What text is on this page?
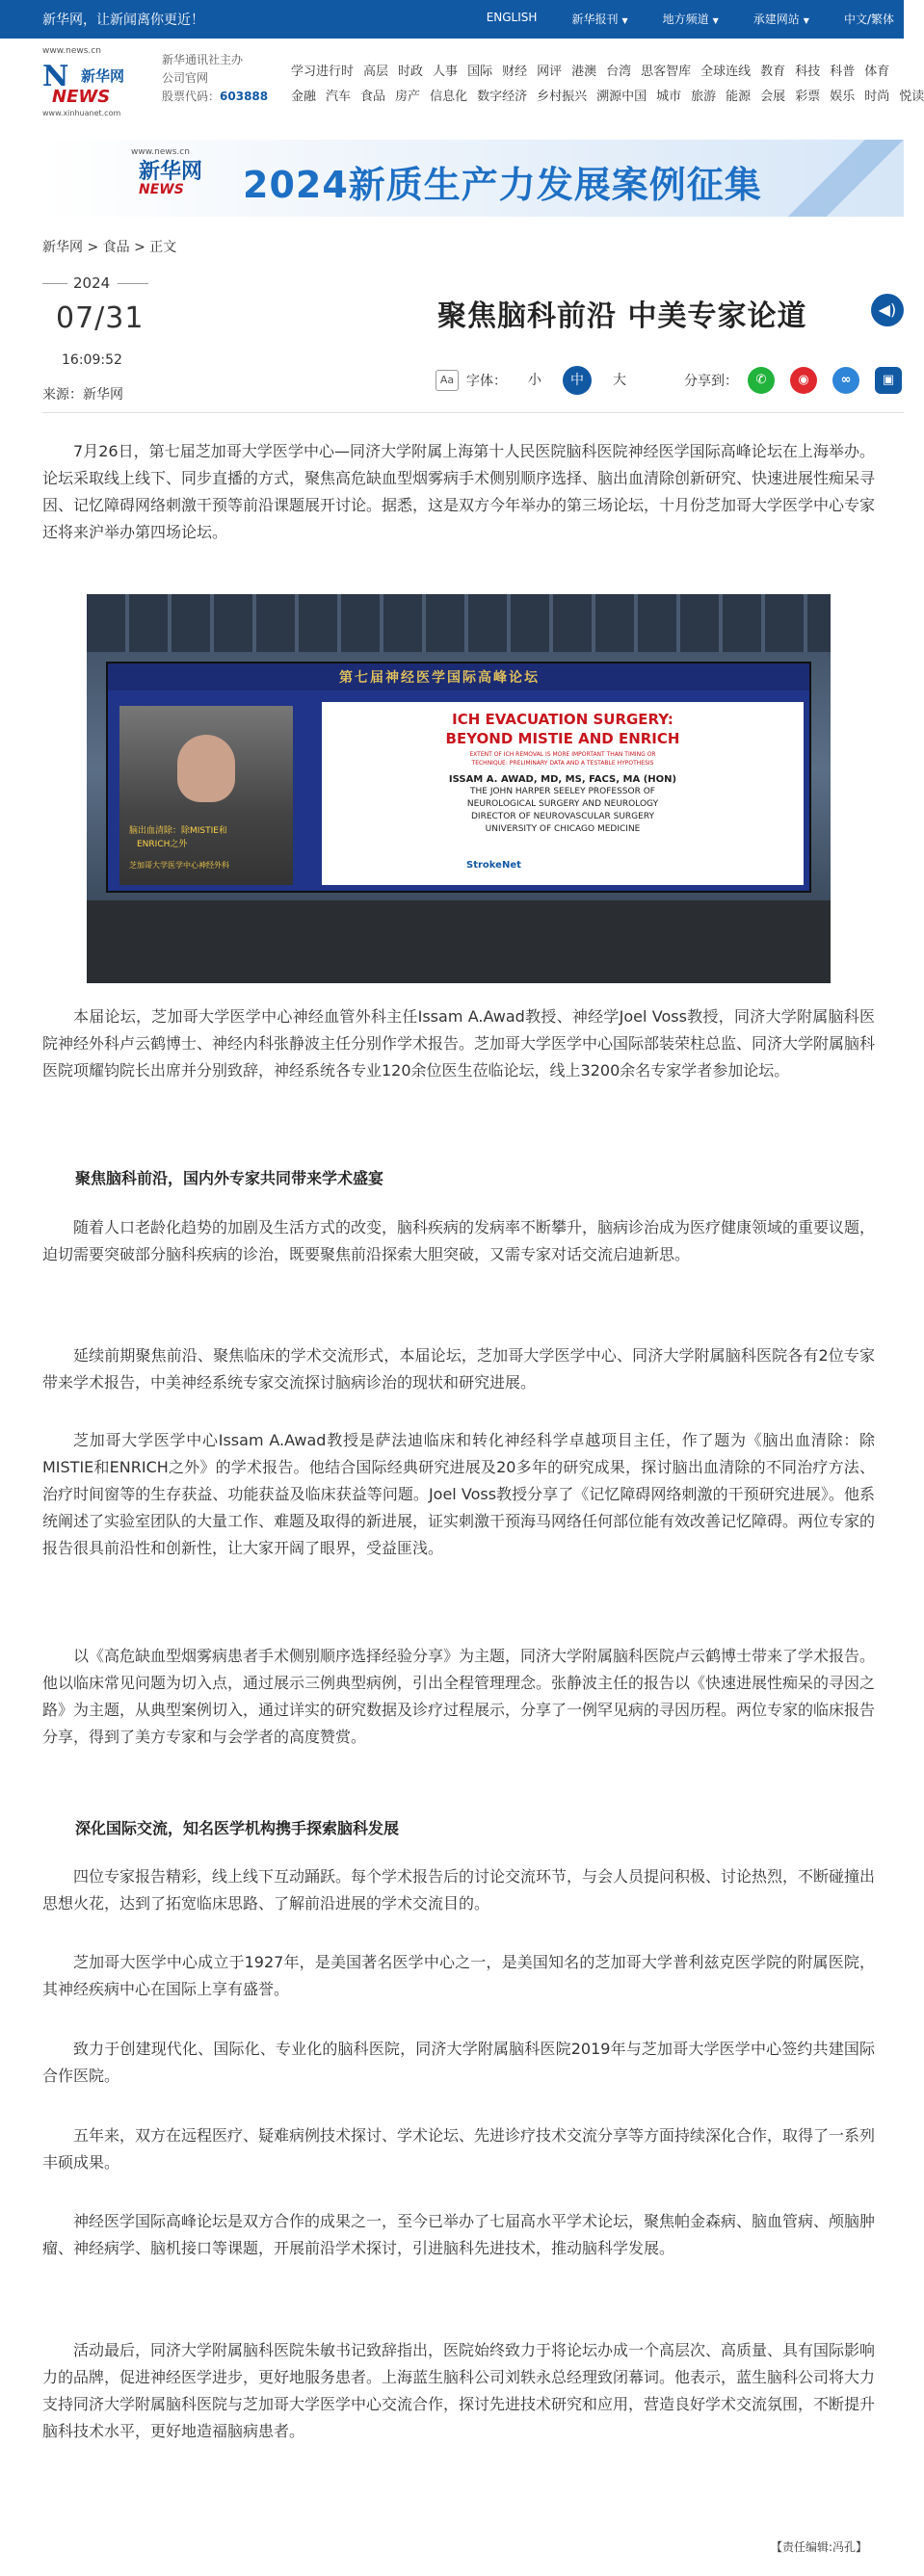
新华网，让新闻离你更近！	ENGLISH	新华报刊 ▼	地方频道 ▼	承建网站 ▼	中文/繁体
www.news.cn
N 新华网
NEWS
www.xinhuanet.com
新华通讯社主办
公司官网
股票代码：603888
学习进行时 高层 时政 人事 国际 财经 网评 港澳 台湾 思客智库 全球连线 教育 科技 科普 体育
金融 汽车 食品 房产 信息化 数字经济 乡村振兴 溯源中国 城市 旅游 能源 会展 彩票 娱乐 时尚 悦读
www.news.cn
新华网
NEWS 2024新质生产力发展案例征集
新华网 > 食品 > 正文
2024
07/31
16:09:52
来源：新华网
聚焦脑科前沿 中美专家论道	◀)
Aa 字体：	小	中	大	分享到：	✆	◉	∞	▣

7月26日，第七届芝加哥大学医学中心—同济大学附属上海第十人民医院脑科医院神经医学国际高峰论坛在上海举办。论坛采取线上线下、同步直播的方式，聚焦高危缺血型烟雾病手术侧别顺序选择、脑出血清除创新研究、快速进展性痴呆寻因、记忆障碍网络刺激干预等前沿课题展开讨论。据悉，这是双方今年举办的第三场论坛，十月份芝加哥大学医学中心专家还将来沪举办第四场论坛。

第七届神经医学国际高峰论坛
脑出血清除：除MISTIE和
ENRICH之外
芝加哥大学医学中心神经外科
ICH EVACUATION SURGERY:
BEYOND MISTIE AND ENRICH
EXTENT OF ICH REMOVAL IS MORE IMPORTANT THAN TIMING OR
TECHNIQUE: PRELIMINARY DATA AND A TESTABLE HYPOTHESIS
ISSAM A. AWAD, MD, MS, FACS, MA (HON)
THE JOHN HARPER SEELEY PROFESSOR OF
NEUROLOGICAL SURGERY AND NEUROLOGY
DIRECTOR OF NEUROVASCULAR SURGERY
UNIVERSITY OF CHICAGO MEDICINE
StrokeNet

本届论坛，芝加哥大学医学中心神经血管外科主任Issam A.Awad教授、神经学Joel Voss教授，同济大学附属脑科医院神经外科卢云鹤博士、神经内科张静波主任分别作学术报告。芝加哥大学医学中心国际部装荣柱总监、同济大学附属脑科医院项耀钧院长出席并分别致辞，神经系统各专业120余位医生莅临论坛，线上3200余名专家学者参加论坛。

聚焦脑科前沿，国内外专家共同带来学术盛宴

随着人口老龄化趋势的加剧及生活方式的改变，脑科疾病的发病率不断攀升，脑病诊治成为医疗健康领域的重要议题，迫切需要突破部分脑科疾病的诊治，既要聚焦前沿探索大胆突破，又需专家对话交流启迪新思。

延续前期聚焦前沿、聚焦临床的学术交流形式，本届论坛，芝加哥大学医学中心、同济大学附属脑科医院各有2位专家带来学术报告，中美神经系统专家交流探讨脑病诊治的现状和研究进展。

芝加哥大学医学中心Issam A.Awad教授是萨法迪临床和转化神经科学卓越项目主任，作了题为《脑出血清除：除MISTIE和ENRICH之外》的学术报告。他结合国际经典研究进展及20多年的研究成果，探讨脑出血清除的不同治疗方法、治疗时间窗等的生存获益、功能获益及临床获益等问题。Joel Voss教授分享了《记忆障碍网络刺激的干预研究进展》。他系统阐述了实验室团队的大量工作、难题及取得的新进展，证实刺激干预海马网络任何部位能有效改善记忆障碍。两位专家的报告很具前沿性和创新性，让大家开阔了眼界，受益匪浅。

以《高危缺血型烟雾病患者手术侧别顺序选择经验分享》为主题，同济大学附属脑科医院卢云鹤博士带来了学术报告。他以临床常见问题为切入点，通过展示三例典型病例，引出全程管理理念。张静波主任的报告以《快速进展性痴呆的寻因之路》为主题，从典型案例切入，通过详实的研究数据及诊疗过程展示，分享了一例罕见病的寻因历程。两位专家的临床报告分享，得到了美方专家和与会学者的高度赞赏。

深化国际交流，知名医学机构携手探索脑科发展

四位专家报告精彩，线上线下互动踊跃。每个学术报告后的讨论交流环节，与会人员提问积极、讨论热烈，不断碰撞出思想火花，达到了拓宽临床思路、了解前沿进展的学术交流目的。

芝加哥大医学中心成立于1927年，是美国著名医学中心之一，是美国知名的芝加哥大学普利兹克医学院的附属医院，其神经疾病中心在国际上享有盛誉。

致力于创建现代化、国际化、专业化的脑科医院，同济大学附属脑科医院2019年与芝加哥大学医学中心签约共建国际合作医院。

五年来，双方在远程医疗、疑难病例技术探讨、学术论坛、先进诊疗技术交流分享等方面持续深化合作，取得了一系列丰硕成果。

神经医学国际高峰论坛是双方合作的成果之一，至今已举办了七届高水平学术论坛，聚焦帕金森病、脑血管病、颅脑肿瘤、神经病学、脑机接口等课题，开展前沿学术探讨，引进脑科先进技术，推动脑科学发展。

活动最后，同济大学附属脑科医院朱敏书记致辞指出，医院始终致力于将论坛办成一个高层次、高质量、具有国际影响力的品牌，促进神经医学进步，更好地服务患者。上海蓝生脑科公司刘轶永总经理致闭幕词。他表示，蓝生脑科公司将大力支持同济大学附属脑科医院与芝加哥大学医学中心交流合作，探讨先进技术研究和应用，营造良好学术交流氛围，不断提升脑科技术水平，更好地造福脑病患者。

【责任编辑:冯孔】
